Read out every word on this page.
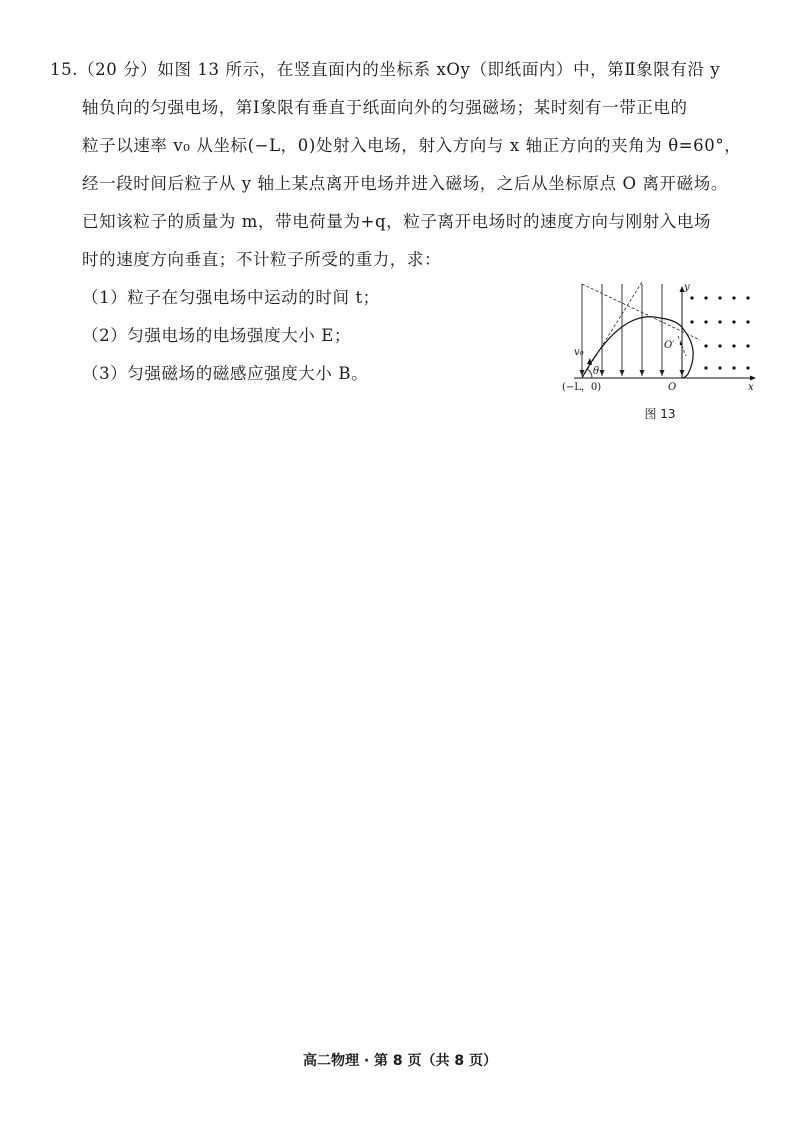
15.（20 分）如图 13 所示，在竖直面内的坐标系 xOy（即纸面内）中，第Ⅱ象限有沿 y
轴负向的匀强电场，第Ⅰ象限有垂直于纸面向外的匀强磁场；某时刻有一带正电的
粒子以速率 v₀ 从坐标(−L，0)处射入电场，射入方向与 x 轴正方向的夹角为 θ=60°，
经一段时间后粒子从 y 轴上某点离开电场并进入磁场，之后从坐标原点 O 离开磁场。
已知该粒子的质量为 m，带电荷量为+q，粒子离开电场时的速度方向与刚射入电场
时的速度方向垂直；不计粒子所受的重力，求：
（1）粒子在匀强电场中运动的时间 t；
（2）匀强电场的电场强度大小 E；
（3）匀强磁场的磁感应强度大小 B。
v₀
θ
O′
y
x
O
(−L，0)
图 13
高二物理 · 第 8 页（共 8 页）
